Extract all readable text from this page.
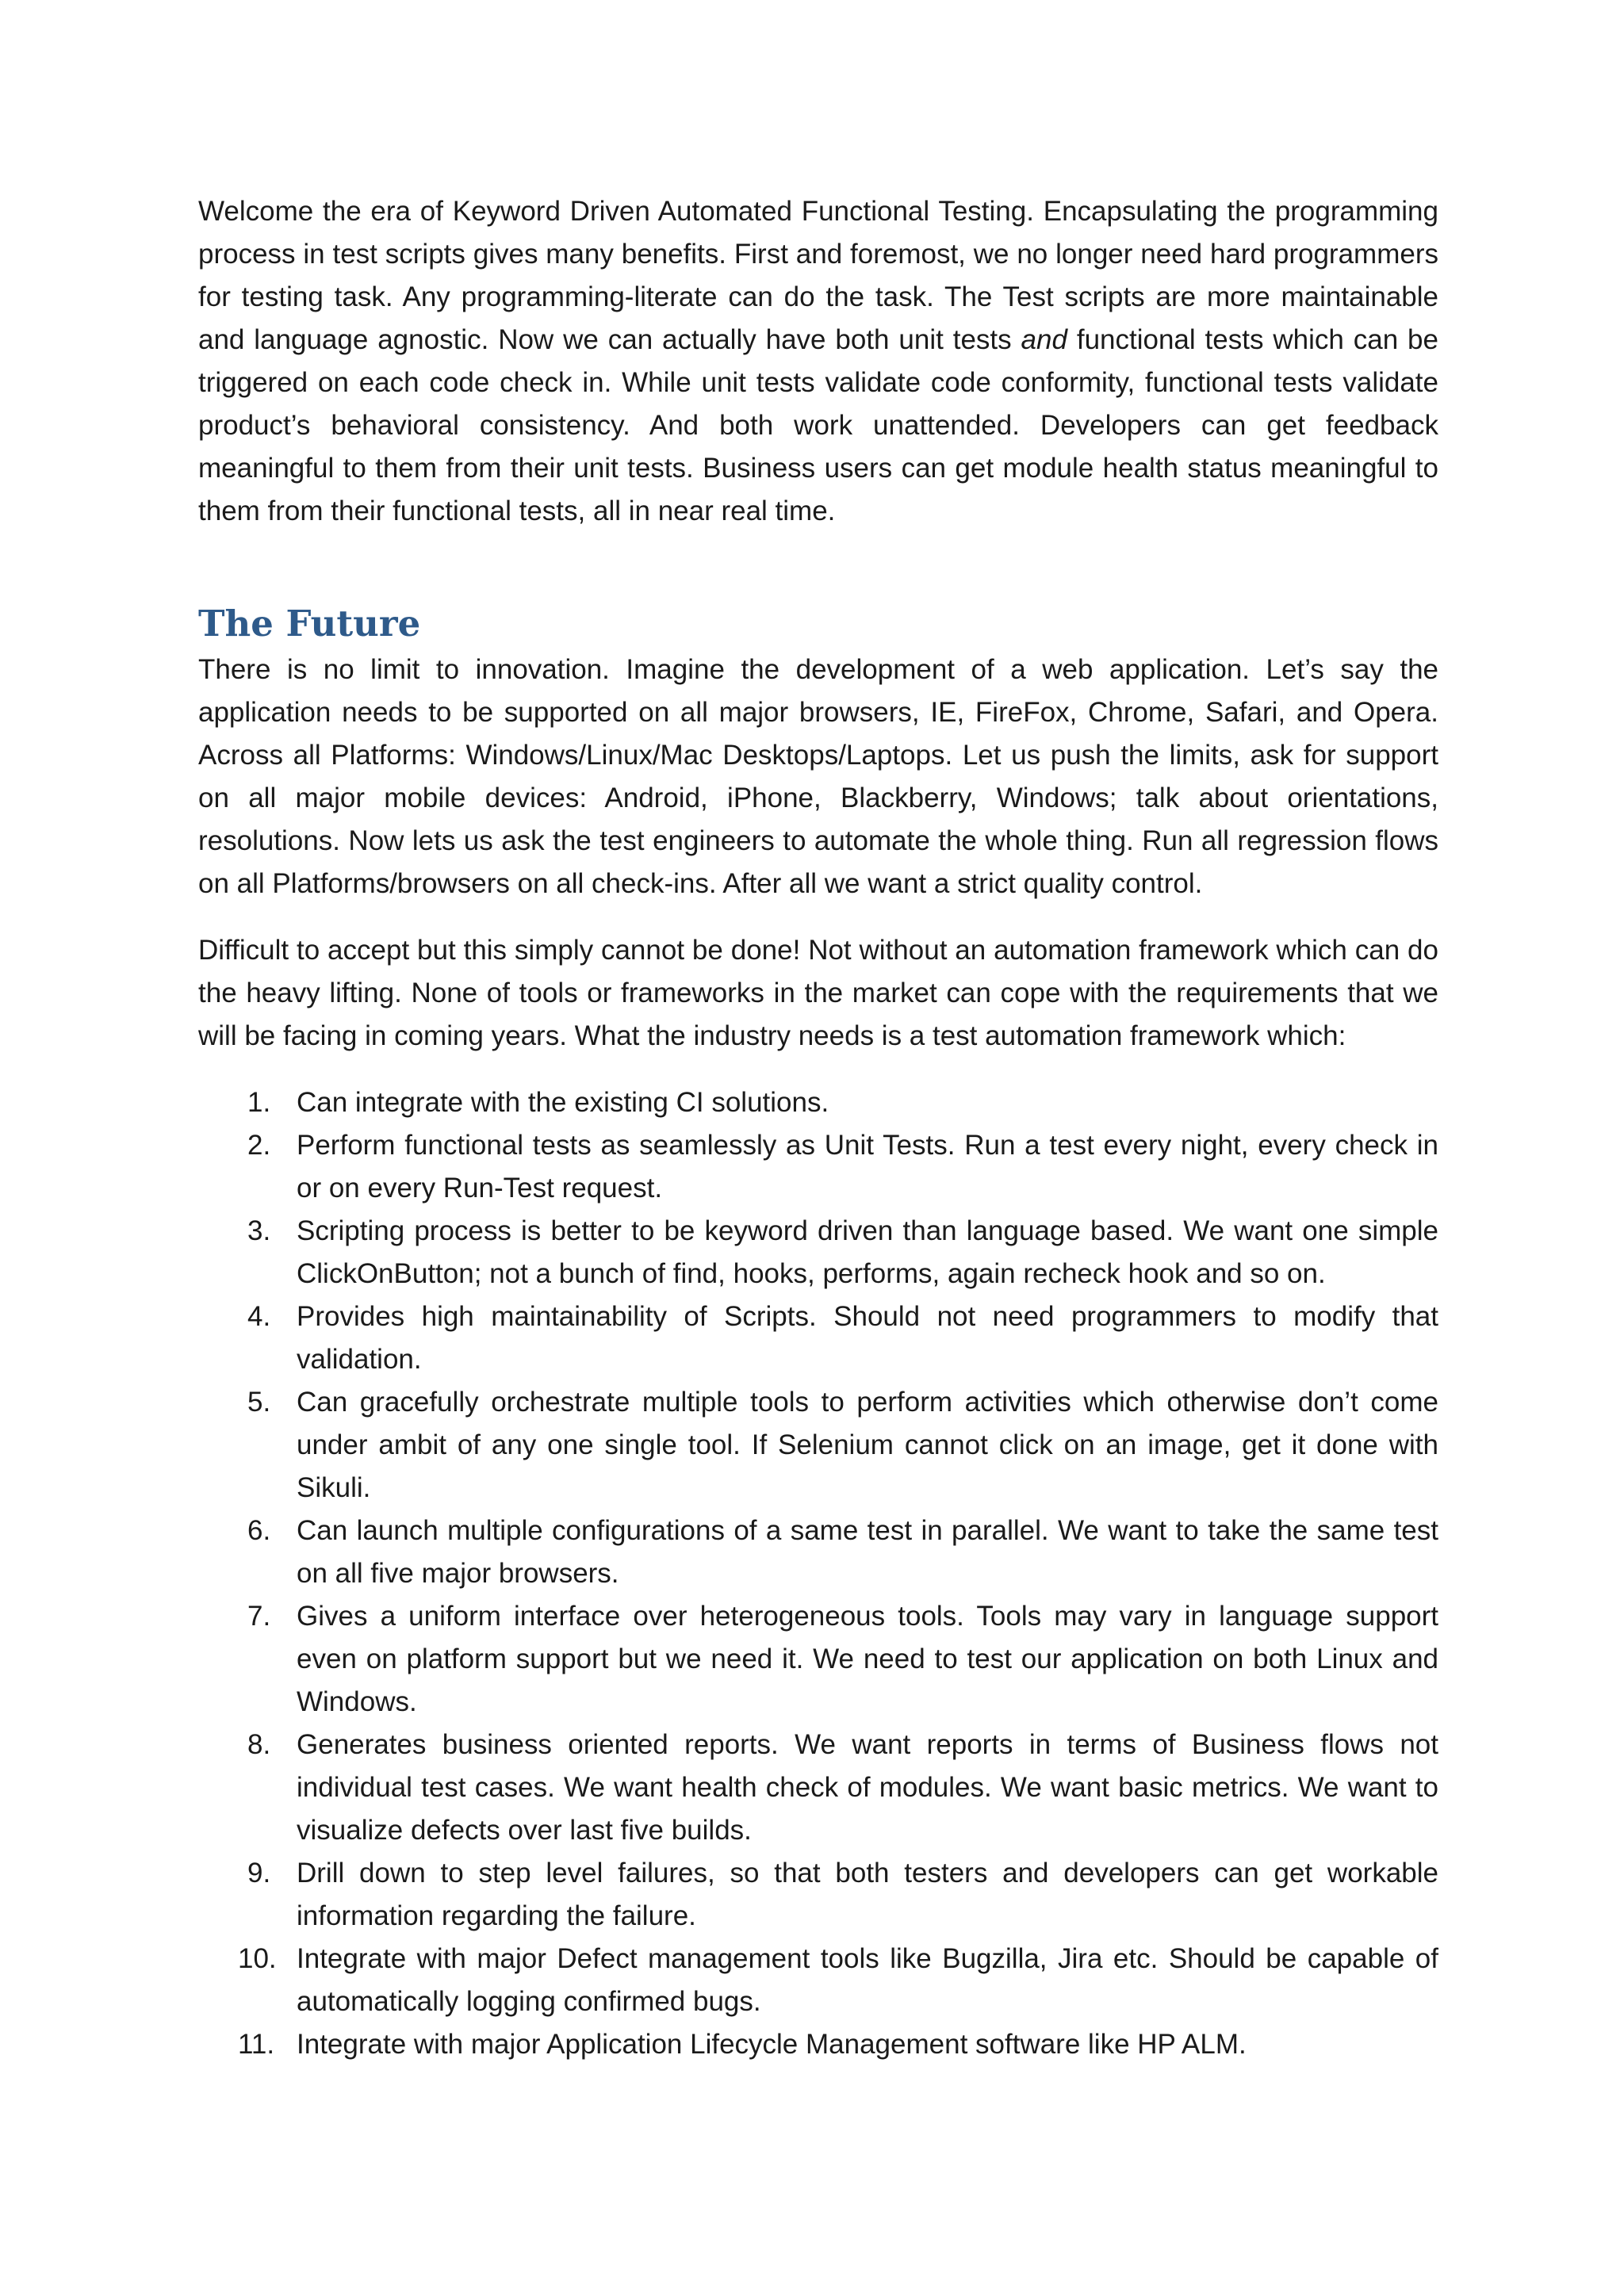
Welcome the era of Keyword Driven Automated Functional Testing. Encapsulating the programming process in test scripts gives many benefits. First and foremost, we no longer need hard programmers for testing task. Any programming-literate can do the task. The Test scripts are more maintainable and language agnostic. Now we can actually have both unit tests and functional tests which can be triggered on each code check in. While unit tests validate code conformity, functional tests validate product’s behavioral consistency. And both work unattended. Developers can get feedback meaningful to them from their unit tests. Business users can get module health status meaningful to them from their functional tests, all in near real time.

The Future

There is no limit to innovation. Imagine the development of a web application. Let’s say the application needs to be supported on all major browsers, IE, FireFox, Chrome, Safari, and Opera. Across all Platforms: Windows/Linux/Mac Desktops/Laptops. Let us push the limits, ask for support on all major mobile devices: Android, iPhone, Blackberry, Windows; talk about orientations, resolutions. Now lets us ask the test engineers to automate the whole thing. Run all regression flows on all Platforms/browsers on all check-ins. After all we want a strict quality control.

Difficult to accept but this simply cannot be done! Not without an automation framework which can do the heavy lifting. None of tools or frameworks in the market can cope with the requirements that we will be facing in coming years. What the industry needs is a test automation framework which:

1. Can integrate with the existing CI solutions.
2. Perform functional tests as seamlessly as Unit Tests. Run a test every night, every check in or on every Run-Test request.
3. Scripting process is better to be keyword driven than language based. We want one simple ClickOnButton; not a bunch of find, hooks, performs, again recheck hook and so on.
4. Provides high maintainability of Scripts. Should not need programmers to modify that validation.
5. Can gracefully orchestrate multiple tools to perform activities which otherwise don’t come under ambit of any one single tool. If Selenium cannot click on an image, get it done with Sikuli.
6. Can launch multiple configurations of a same test in parallel. We want to take the same test on all five major browsers.
7. Gives a uniform interface over heterogeneous tools. Tools may vary in language support even on platform support but we need it. We need to test our application on both Linux and Windows.
8. Generates business oriented reports. We want reports in terms of Business flows not individual test cases. We want health check of modules. We want basic metrics. We want to visualize defects over last five builds.
9. Drill down to step level failures, so that both testers and developers can get workable information regarding the failure.
10. Integrate with major Defect management tools like Bugzilla, Jira etc. Should be capable of automatically logging confirmed bugs.
11. Integrate with major Application Lifecycle Management software like HP ALM.
